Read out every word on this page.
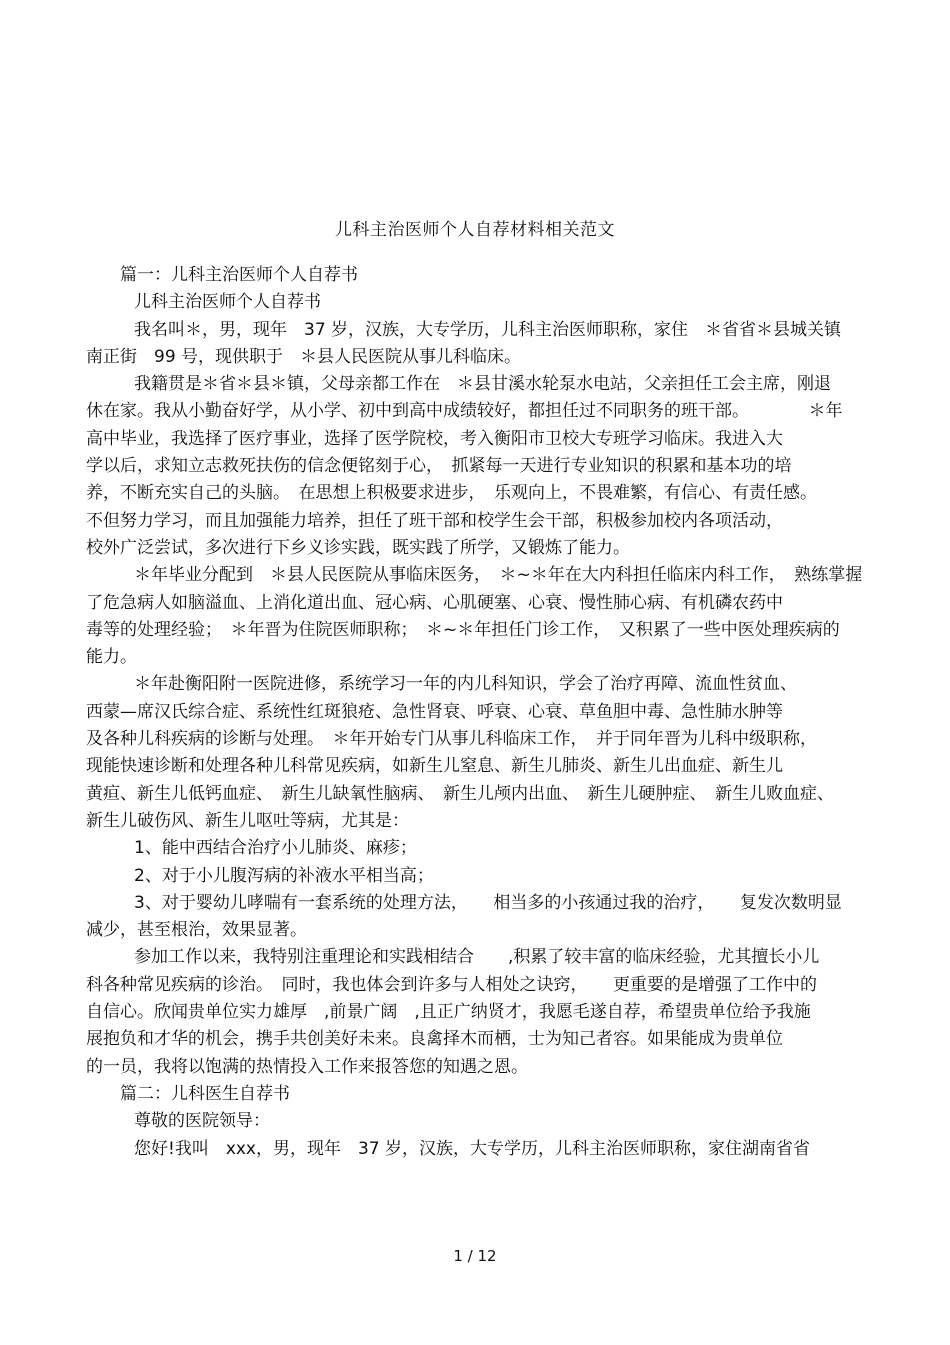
儿科主治医师个人自荐材料相关范文
篇一：儿科主治医师个人自荐书
儿科主治医师个人自荐书
我名叫＊，男，现年　37 岁，汉族，大专学历，儿科主治医师职称，家住　＊省省＊县城关镇
南正街　99 号，现供职于　＊县人民医院从事儿科临床。
我籍贯是＊省＊县＊镇，父母亲都工作在　＊县甘溪水轮泵水电站，父亲担任工会主席，刚退
休在家。我从小勤奋好学，从小学、初中到高中成绩较好，都担任过不同职务的班干部。　　　　＊年
高中毕业，我选择了医疗事业，选择了医学院校，考入衡阳市卫校大专班学习临床。我进入大
学以后，求知立志救死扶伤的信念便铭刻于心，　抓紧每一天进行专业知识的积累和基本功的培
养，不断充实自己的头脑。　在思想上积极要求进步，　乐观向上，不畏难繁，有信心、有责任感。
不但努力学习，而且加强能力培养，担任了班干部和校学生会干部，积极参加校内各项活动，
校外广泛尝试，多次进行下乡义诊实践，既实践了所学，又锻炼了能力。
＊年毕业分配到　＊县人民医院从事临床医务，　＊~＊年在大内科担任临床内科工作，　熟练掌握
了危急病人如脑溢血、上消化道出血、冠心病、心肌硬塞、心衰、慢性肺心病、有机磷农药中
毒等的处理经验；　＊年晋为住院医师职称；　＊~＊年担任门诊工作，　又积累了一些中医处理疾病的
能力。
＊年赴衡阳附一医院进修，系统学习一年的内儿科知识，学会了治疗再障、流血性贫血、
西蒙—席汉氏综合症、系统性红斑狼疮、急性肾衰、呼衰、心衰、草鱼胆中毒、急性肺水肿等
及各种儿科疾病的诊断与处理。　＊年开始专门从事儿科临床工作，　并于同年晋为儿科中级职称，
现能快速诊断和处理各种儿科常见疾病，如新生儿窒息、新生儿肺炎、新生儿出血症、新生儿
黄疸、新生儿低钙血症、　新生儿缺氧性脑病、　新生儿颅内出血、　新生儿硬肿症、　新生儿败血症、
新生儿破伤风、新生儿呕吐等病，尤其是：
1、能中西结合治疗小儿肺炎、麻疹；
2、对于小儿腹泻病的补液水平相当高；
3、对于婴幼儿哮喘有一套系统的处理方法，　　相当多的小孩通过我的治疗，　　复发次数明显
减少，甚至根治，效果显著。
参加工作以来，我特别注重理论和实践相结合　　,积累了较丰富的临床经验，尤其擅长小儿
科各种常见疾病的诊治。　同时，我也体会到许多与人相处之诀窍，　　更重要的是增强了工作中的
自信心。欣闻贵单位实力雄厚　,前景广阔　,且正广纳贤才，我愿毛遂自荐，希望贵单位给予我施
展抱负和才华的机会，携手共创美好未来。良禽择木而栖，士为知己者容。如果能成为贵单位
的一员，我将以饱满的热情投入工作来报答您的知遇之恩。
篇二：儿科医生自荐书
尊敬的医院领导：
您好!我叫　xxx，男，现年　37 岁，汉族，大专学历，儿科主治医师职称，家住湖南省省
1 / 12
